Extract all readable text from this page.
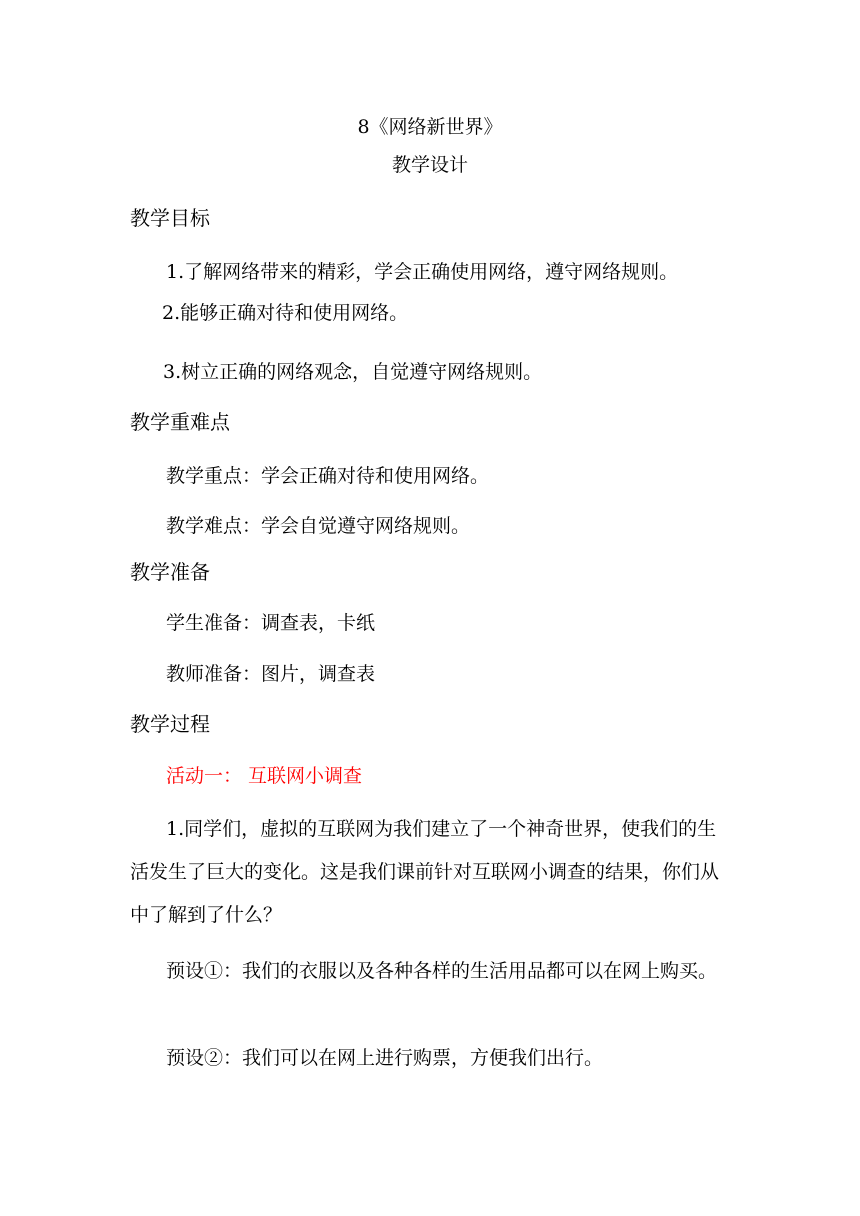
8《网络新世界》
教学设计
教学目标
1.了解网络带来的精彩，学会正确使用网络，遵守网络规则。
2.能够正确对待和使用网络。
3.树立正确的网络观念，自觉遵守网络规则。
教学重难点
教学重点：学会正确对待和使用网络。
教学难点：学会自觉遵守网络规则。
教学准备
学生准备：调查表，卡纸
教师准备：图片，调查表
教学过程
活动一： 互联网小调查
1.同学们，虚拟的互联网为我们建立了一个神奇世界，使我们的生活发生了巨大的变化。这是我们课前针对互联网小调查的结果，你们从中了解到了什么？
预设①：我们的衣服以及各种各样的生活用品都可以在网上购买。
预设②：我们可以在网上进行购票，方便我们出行。
